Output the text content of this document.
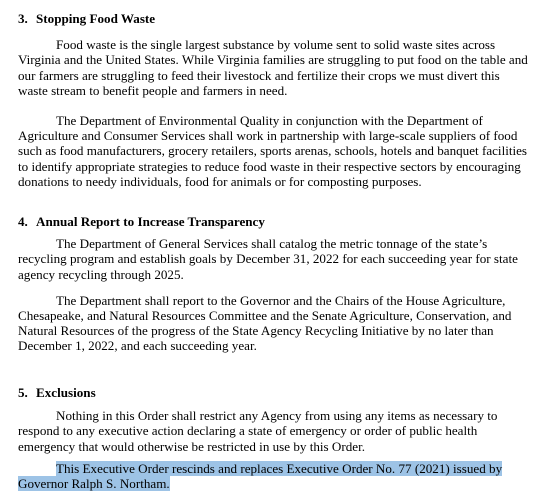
3. Stopping Food Waste

Food waste is the single largest substance by volume sent to solid waste sites across Virginia and the United States. While Virginia families are struggling to put food on the table and our farmers are struggling to feed their livestock and fertilize their crops we must divert this waste stream to benefit people and farmers in need.

The Department of Environmental Quality in conjunction with the Department of Agriculture and Consumer Services shall work in partnership with large-scale suppliers of food such as food manufacturers, grocery retailers, sports arenas, schools, hotels and banquet facilities to identify appropriate strategies to reduce food waste in their respective sectors by encouraging donations to needy individuals, food for animals or for composting purposes.

4. Annual Report to Increase Transparency

The Department of General Services shall catalog the metric tonnage of the state’s recycling program and establish goals by December 31, 2022 for each succeeding year for state agency recycling through 2025.

The Department shall report to the Governor and the Chairs of the House Agriculture, Chesapeake, and Natural Resources Committee and the Senate Agriculture, Conservation, and Natural Resources of the progress of the State Agency Recycling Initiative by no later than December 1, 2022, and each succeeding year.

5. Exclusions

Nothing in this Order shall restrict any Agency from using any items as necessary to respond to any executive action declaring a state of emergency or order of public health emergency that would otherwise be restricted in use by this Order.

This Executive Order rescinds and replaces Executive Order No. 77 (2021) issued by Governor Ralph S. Northam.
